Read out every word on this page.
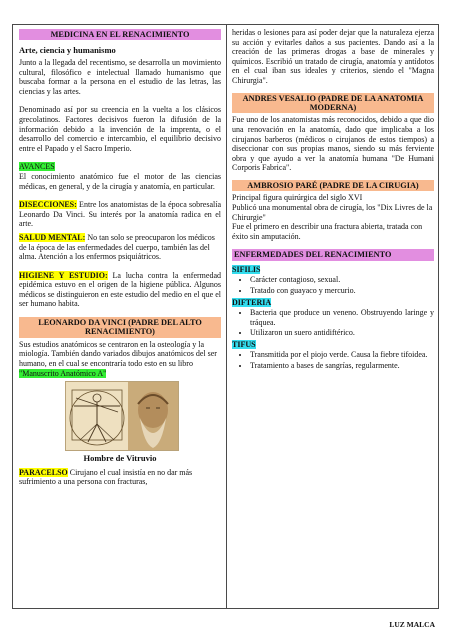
MEDICINA EN EL RENACIMIENTO
Arte, ciencia y humanismo

Junto a la llegada del recentismo, se desarrolla un movimiento cultural, filosófico e intelectual llamado humanismo que buscaba formar a la persona en el estudio de las letras, las ciencias y las artes.

Denominado así por su creencia en la vuelta a los clásicos grecolatinos. Factores decisivos fueron la difusión de la información debido a la invención de la imprenta, o el desarrollo del comercio e intercambio, el equilibrio decisivo entre el Papado y el Sacro Imperio.

AVANCES

El conocimiento anatómico fue el motor de las ciencias médicas, en general, y de la cirugía y anatomía, en particular.

DISECCIONES: Entre los anatomistas de la época sobresalía Leonardo Da Vinci. Su interés por la anatomía radica en el arte.

SALUD MENTAL: No tan solo se preocuparon los médicos de la época de las enfermedades del cuerpo, también las del alma. Atención a los enfermos psiquiátricos.

HIGIENE Y ESTUDIO: La lucha contra la enfermedad epidémica estuvo en el origen de la higiene pública. Algunos médicos se distinguieron en este estudio del medio en el que el ser humano habita.

LEONARDO DA VINCI (PADRE DEL ALTO RENACIMIENTO)

Sus estudios anatómicos se centraron en la osteología y la miología. También dando variados dibujos anatómicos del ser humano, en el cual se encontraría todo esto en su libro "Manuscrito Anatómico A"

Hombre de Vitruvio

PARACELSO Cirujano el cual insistía en no dar más sufrimiento a una persona con fracturas,

heridas o lesiones para así poder dejar que la naturaleza ejerza su acción y evitarles daños a sus pacientes. Dando así a la creación de las primeras drogas a base de minerales y químicos. Escribió un tratado de cirugía, anatomía y antídotos en el cual iban sus ideales y criterios, siendo el "Magna Chirurgia".

ANDRES VESALIO (PADRE DE LA ANATOMIA MODERNA)

Fue uno de los anatomistas más reconocidos, debido a que dio una renovación en la anatomía, dado que implicaba a los cirujanos barberos (médicos o cirujanos de estos tiempos) a diseccionar con sus propias manos, siendo su más ferviente obra y que ayudo a ver la anatomía humana "De Humani Corporis Fabrica".

AMBROSIO PARÉ (PADRE DE LA CIRUGIA)

Principal figura quirúrgica del siglo XVI
Publicó una monumental obra de cirugía, los "Dix Livres de la Chirurgie"
Fue el primero en describir una fractura abierta, tratada con éxito sin amputación.

ENFERMEDADES DEL RENACIMIENTO

SIFILIS

• Carácter contagioso, sexual.
• Tratado con guayaco y mercurio.

DIFTERIA

• Bacteria que produce un veneno. Obstruyendo laringe y tráquea.
• Utilizaron un suero antidiftérico.

TIFUS

• Transmitida por el piojo verde. Causa la fiebre tifoidea.
• Tratamiento a bases de sangrías, regularmente.
LUZ MALCA
